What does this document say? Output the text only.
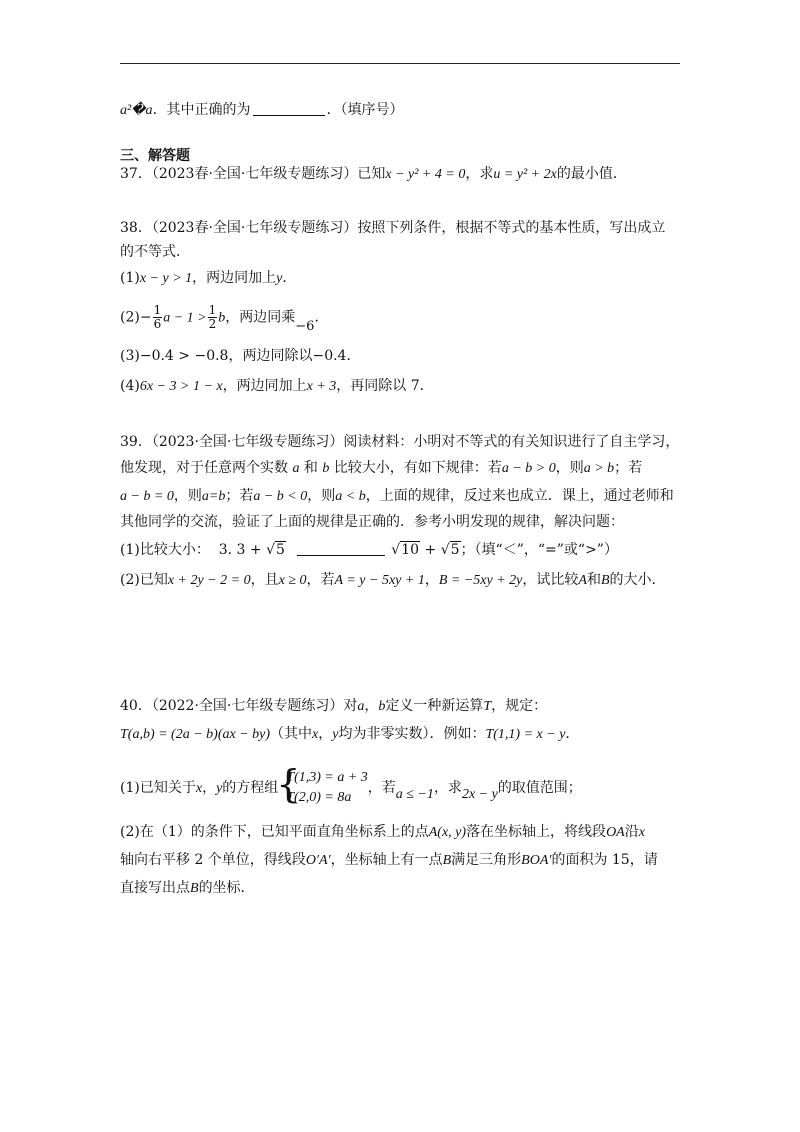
a²�a．其中正确的为	．（填序号）
三、解答题
37．（2023春·全国·七年级专题练习）已知x − y² + 4 = 0，求u = y² + 2x的最小值．
38．（2023春·全国·七年级专题练习）按照下列条件，根据不等式的基本性质，写出成立
的不等式．
(1)x − y > 1，两边同加上y．
$(2)- \frac{1}{6}$ $a - 1 > \frac{1}{2}$ b，两边同乘−6．
(3)−0.4 > −0.8，两边同除以−0.4．
(4)6x − 3 > 1 − x，两边同加上x + 3，再同除以 7．
39．（2023·全国·七年级专题练习）阅读材料：小明对不等式的有关知识进行了自主学习，
他发现，对于任意两个实数 a 和 b 比较大小，有如下规律：若a − b > 0，则a > b；若
a − b = 0，则a=b；若a − b < 0，则a < b，上面的规律，反过来也成立．课上，通过老师和
其他同学的交流，验证了上面的规律是正确的．参考小明发现的规律，解决问题：
(1)比较大小： 3. 3 + √5	√10 + √5；（填“＜”，“=”或“>”）
(2)已知x + 2y − 2 = 0，且x ≥ 0，若A = y − 5xy + 1，B = −5xy + 2y，试比较A和B的大小．
40．（2022·全国·七年级专题练习）对a，b定义一种新运算T，规定：
T(a,b) = (2a − b)(ax − by)（其中x，y均为非零实数）．例如：T(1,1) = x − y．
(1)已知关于x，y的方程组
{ T(1,3) = a + 3
T(2,0) = 8a
，若a ≤ −1，求2x − y的取值范围；
(2)在（1）的条件下，已知平面直角坐标系上的点A(x, y)落在坐标轴上，将线段OA沿x
轴向右平移 2 个单位，得线段O′A′，坐标轴上有一点B满足三角形BOA′的面积为 15，请
直接写出点B的坐标．
